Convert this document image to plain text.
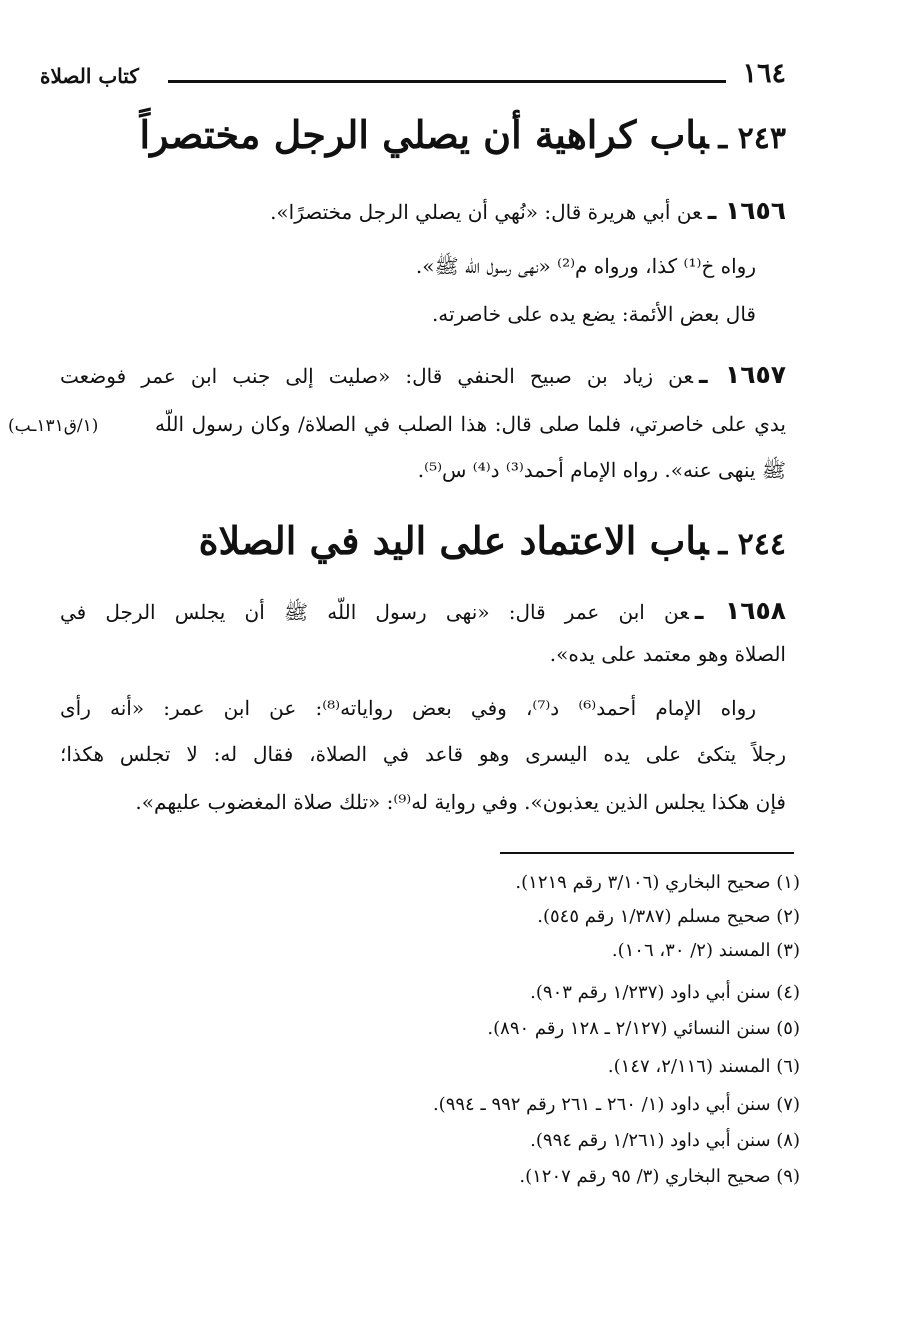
كتاب الصلاة	١٦٤
٢٤٣ ـباب كراهية أن يصلي الرجل مختصراً
١٦٥٦ ـعن أبي هريرة قال: «نُهي أن يصلي الرجل مختصرًا».
رواه خ⁽¹⁾ كذا، ورواه م⁽²⁾ «نهى رسول اللّه ﷺ».
قال بعض الأئمة: يضع يده على خاصرته.
١٦٥٧ ـعن زياد بن صبيح الحنفي قال: «صليت إلى جنب ابن عمر فوضعت
(١/ق١٣١ـب)	يدي على خاصرتي، فلما صلى قال: هذا الصلب في الصلاة/ وكان رسول اللّه
ﷺ ينهى عنه». رواه الإمام أحمد⁽³⁾ د⁽⁴⁾ س⁽⁵⁾.
٢٤٤ ـباب الاعتماد على اليد في الصلاة
١٦٥٨ ـعن ابن عمر قال: «نهى رسول اللّه ﷺ أن يجلس الرجل في
الصلاة وهو معتمد على يده».
رواه الإمام أحمد⁽⁶⁾ د⁽⁷⁾، وفي بعض رواياته⁽⁸⁾: عن ابن عمر: «أنه رأى
رجلاً يتكئ على يده اليسرى وهو قاعد في الصلاة، فقال له: لا تجلس هكذا؛
فإن هكذا يجلس الذين يعذبون». وفي رواية له⁽⁹⁾: «تلك صلاة المغضوب عليهم».
(١) صحيح البخاري (٣/١٠٦ رقم ١٢١٩).
(٢) صحيح مسلم (١/٣٨٧ رقم ٥٤٥).
(٣) المسند (٢/ ٣٠، ١٠٦).
(٤) سنن أبي داود (١/٢٣٧ رقم ٩٠٣).
(٥) سنن النسائي (٢/١٢٧ ـ ١٢٨ رقم ٨٩٠).
(٦) المسند (٢/١١٦، ١٤٧).
(٧) سنن أبي داود (١/ ٢٦٠ ـ ٢٦١ رقم ٩٩٢ ـ ٩٩٤).
(٨) سنن أبي داود (١/٢٦١ رقم ٩٩٤).
(٩) صحيح البخاري (٣/ ٩٥ رقم ١٢٠٧).
